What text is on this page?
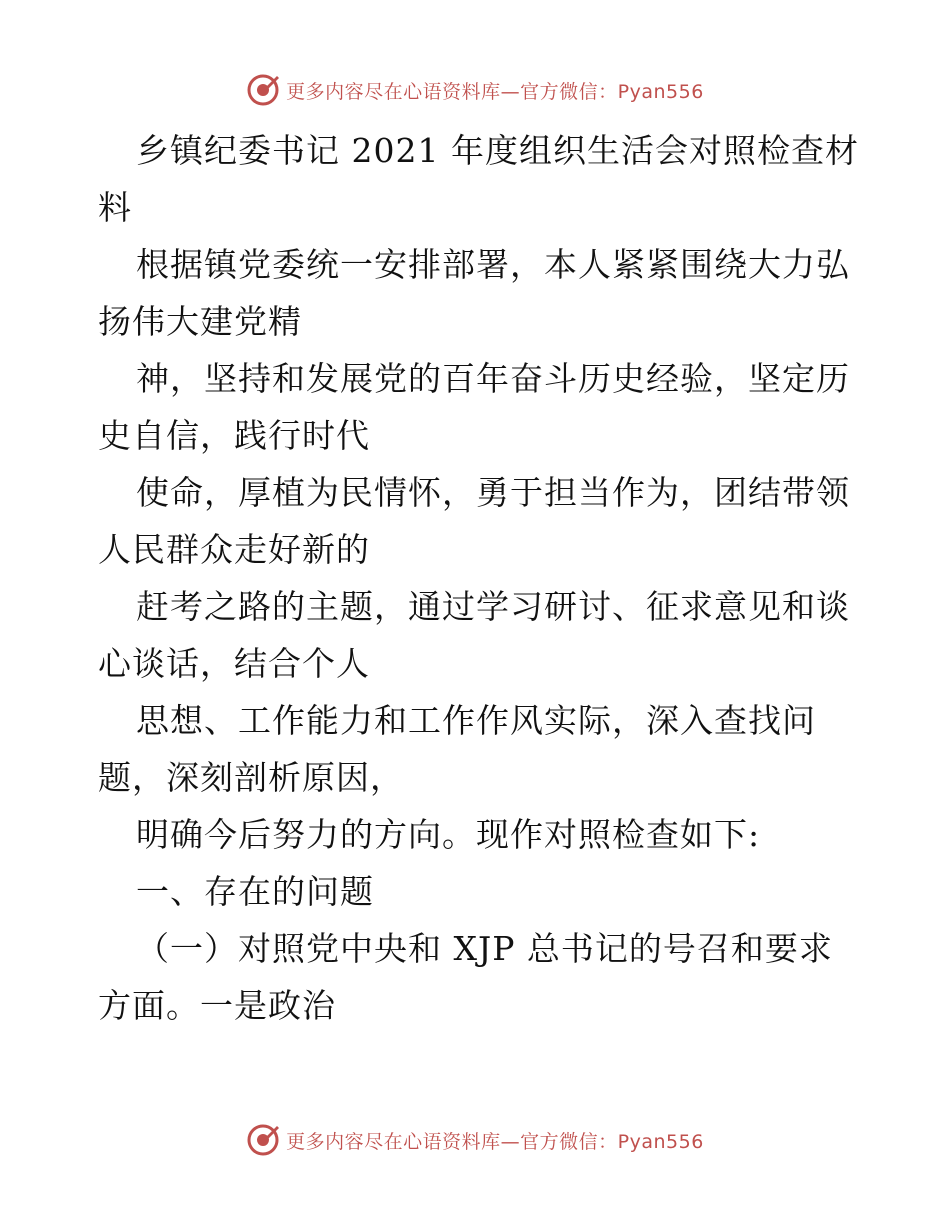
更多内容尽在心语资料库—官方微信：Pyan556
乡镇纪委书记 2021 年度组织生活会对照检查材
料
根据镇党委统一安排部署，本人紧紧围绕大力弘
扬伟大建党精
神，坚持和发展党的百年奋斗历史经验，坚定历
史自信，践行时代
使命，厚植为民情怀，勇于担当作为，团结带领
人民群众走好新的
赶考之路的主题，通过学习研讨、征求意见和谈
心谈话，结合个人
思想、工作能力和工作作风实际，深入查找问
题，深刻剖析原因，
明确今后努力的方向。现作对照检查如下:
一、存在的问题
（一）对照党中央和 XJP 总书记的号召和要求
方面。一是政治
更多内容尽在心语资料库—官方微信：Pyan556
